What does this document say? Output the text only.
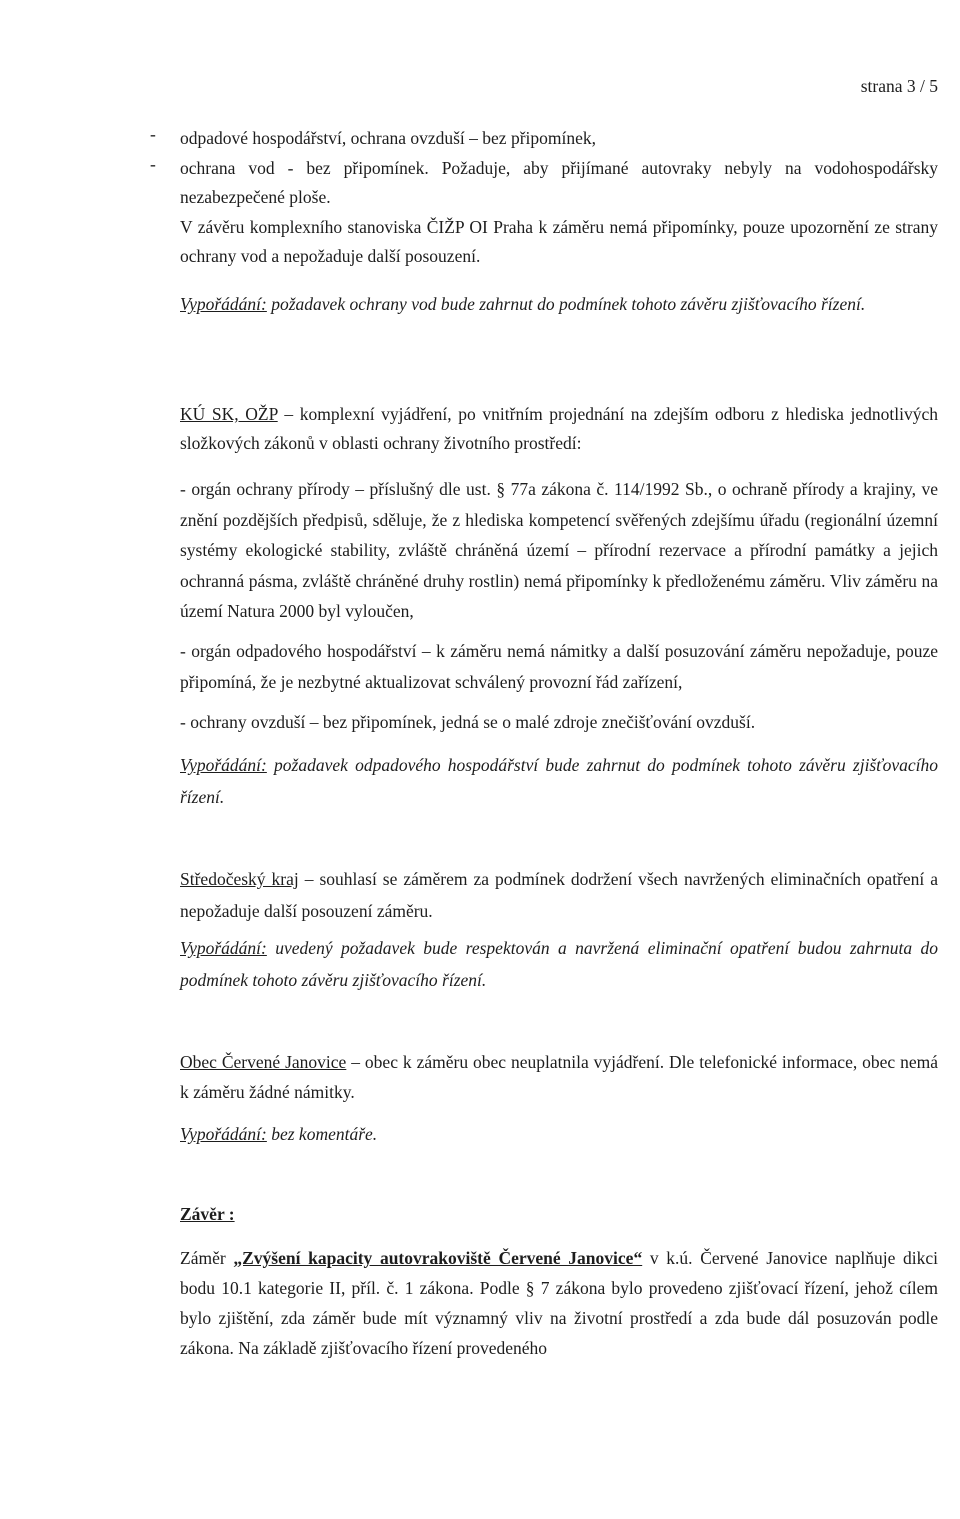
strana 3 / 5
- odpadové hospodářství, ochrana ovzduší – bez připomínek,
- ochrana vod - bez připomínek. Požaduje, aby přijímané autovraky nebyly na vodohospodářsky nezabezpečené ploše.
V závěru komplexního stanoviska ČIŽP OI Praha k záměru nemá připomínky, pouze upozornění ze strany ochrany vod a nepožaduje další posouzení.

Vypořádání: požadavek ochrany vod bude zahrnut do podmínek tohoto závěru zjišťovacího řízení.

KÚ SK, OŽP – komplexní vyjádření, po vnitřním projednání na zdejším odboru z hlediska jednotlivých složkových zákonů v oblasti ochrany životního prostředí:

- orgán ochrany přírody – příslušný dle ust. § 77a zákona č. 114/1992 Sb., o ochraně přírody a krajiny, ve znění pozdějších předpisů, sděluje, že z hlediska kompetencí svěřených zdejšímu úřadu (regionální územní systémy ekologické stability, zvláště chráněná území – přírodní rezervace a přírodní památky a jejich ochranná pásma, zvláště chráněné druhy rostlin) nemá připomínky k předloženému záměru. Vliv záměru na území Natura 2000 byl vyloučen,
- orgán odpadového hospodářství – k záměru nemá námitky a další posuzování záměru nepožaduje, pouze připomíná, že je nezbytné aktualizovat schválený provozní řád zařízení,
- ochrany ovzduší – bez připomínek, jedná se o malé zdroje znečišťování ovzduší.

Vypořádání: požadavek odpadového hospodářství bude zahrnut do podmínek tohoto závěru zjišťovacího řízení.

Středočeský kraj – souhlasí se záměrem za podmínek dodržení všech navržených eliminačních opatření a nepožaduje další posouzení záměru.

Vypořádání: uvedený požadavek bude respektován a navržená eliminační opatření budou zahrnuta do podmínek tohoto závěru zjišťovacího řízení.

Obec Červené Janovice – obec k záměru obec neuplatnila vyjádření. Dle telefonické informace, obec nemá k záměru žádné námitky.

Vypořádání: bez komentáře.

Závěr :

Záměr „Zvýšení kapacity autovrakoviště Červené Janovice“ v k.ú. Červené Janovice naplňuje dikci bodu 10.1 kategorie II, příl. č. 1 zákona. Podle § 7 zákona bylo provedeno zjišťovací řízení, jehož cílem bylo zjištění, zda záměr bude mít významný vliv na životní prostředí a zda bude dál posuzován podle zákona. Na základě zjišťovacího řízení provedeného
